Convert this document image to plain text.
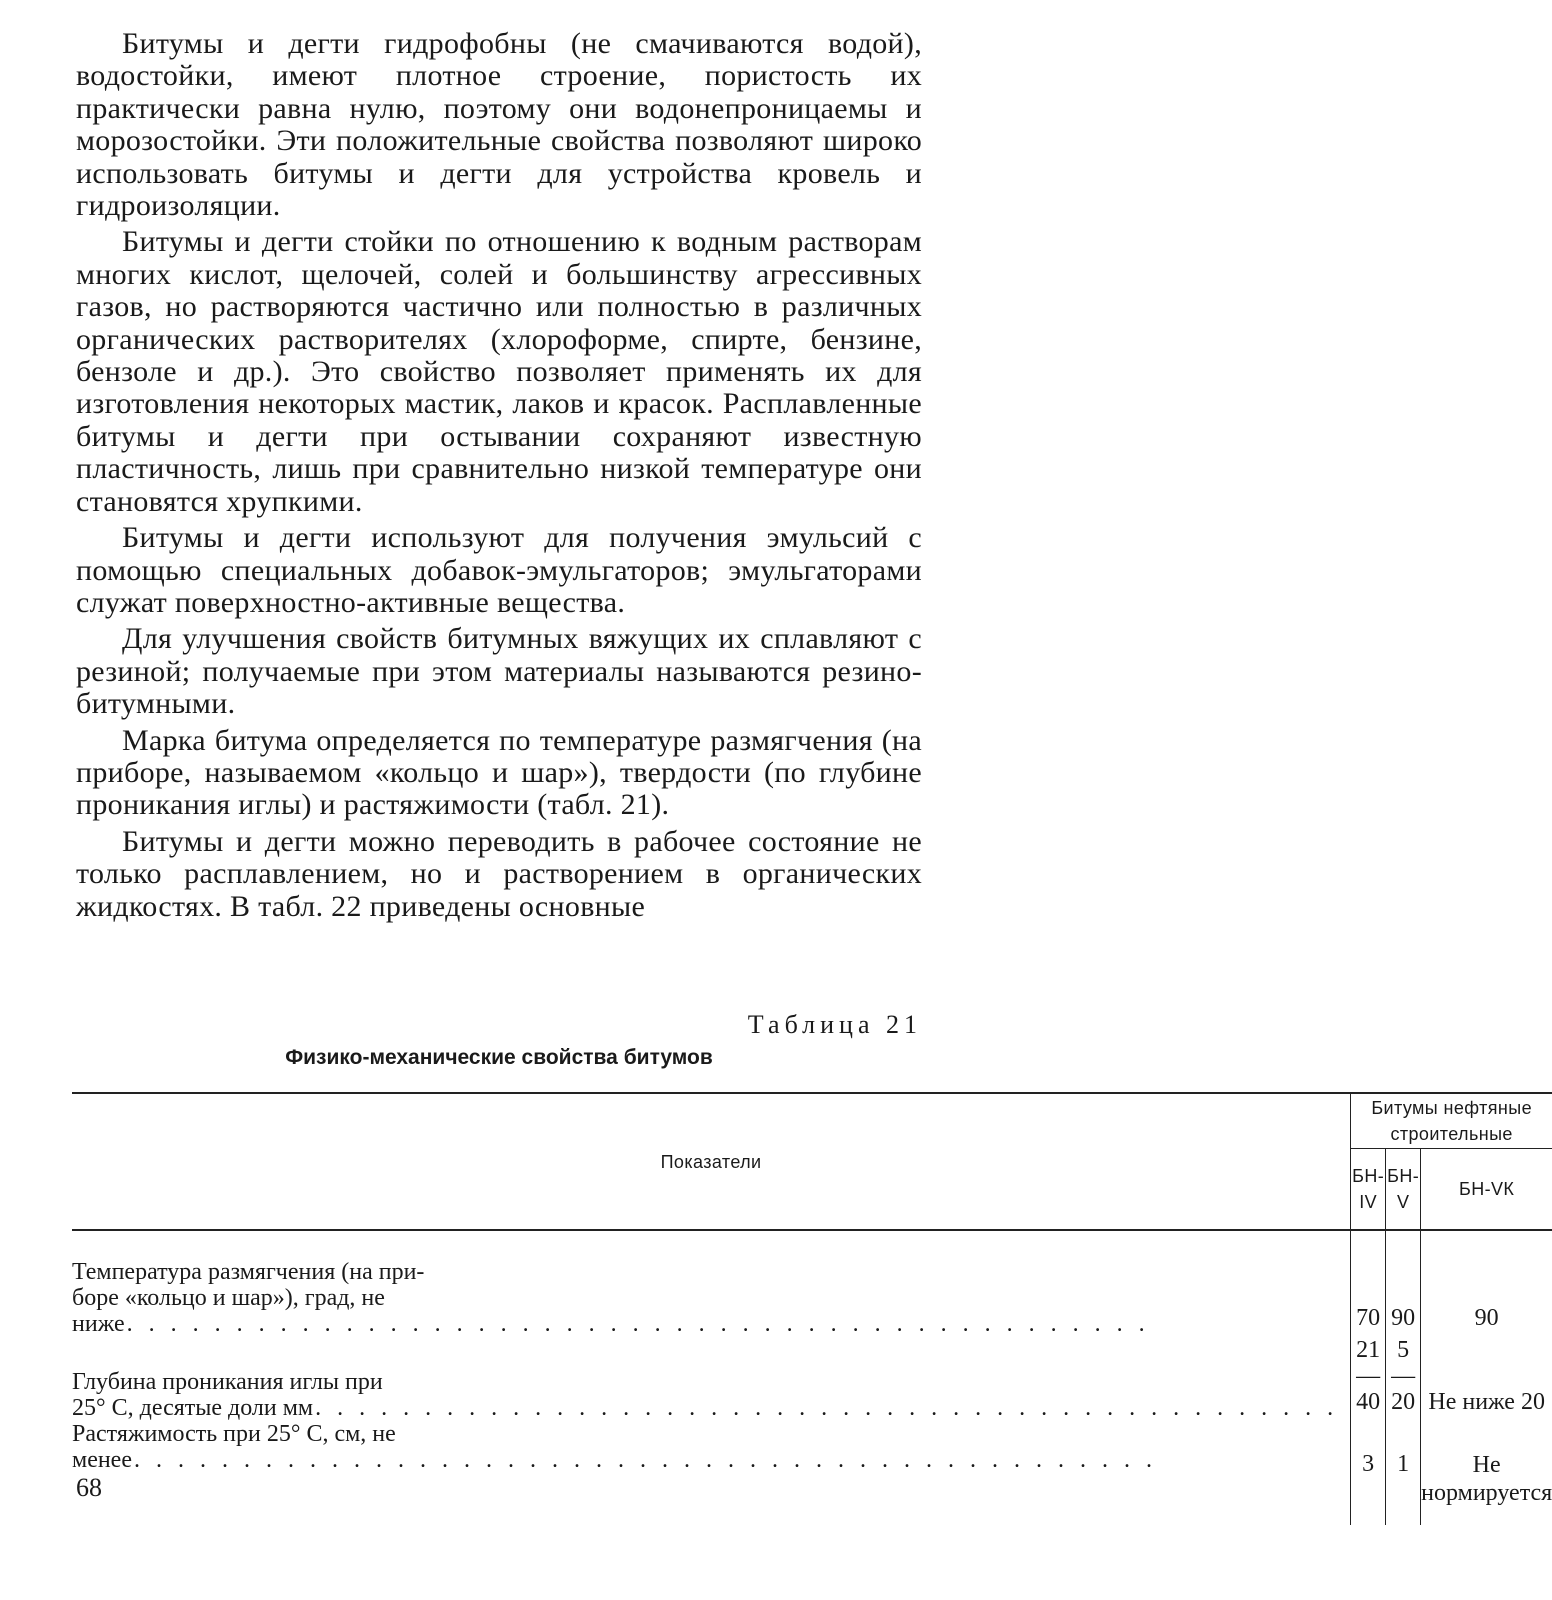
Битумы и дегти гидрофобны (не смачиваются водой), водостойки, имеют плотное строение, пористость их практически равна нулю, поэтому они водонепроницаемы и морозостойки. Эти положительные свойства позволяют широко использовать битумы и дегти для устройства кровель и гидроизоляции.

Битумы и дегти стойки по отношению к водным растворам многих кислот, щелочей, солей и большинству агрессивных газов, но растворяются частично или полностью в различных органических растворителях (хлороформе, спирте, бензине, бензоле и др.). Это свойство позволяет применять их для изготовления некоторых мастик, лаков и красок. Расплавленные битумы и дегти при остывании сохраняют известную пластичность, лишь при сравнительно низкой температуре они становятся хрупкими.

Битумы и дегти используют для получения эмульсий с помощью специальных добавок-эмульгаторов; эмульгаторами служат поверхностно-активные вещества.

Для улучшения свойств битумных вяжущих их сплавляют с резиной; получаемые при этом материалы называются резино-битумными.

Марка битума определяется по температуре размягчения (на приборе, называемом «кольцо и шар»), твердости (по глубине проникания иглы) и растяжимости (табл. 21).

Битумы и дегти можно переводить в рабочее состояние не только расплавлением, но и растворением в органических жидкостях. В табл. 22 приведены основные

Таблица 21
Физико-механические свойства битумов
Показатели	Битумы нефтяные строительные		
	БН-IV	БН-V	БН-VК

Температура размягчения (на при-
боре «кольцо и шар»), град, не
ниже
. . .	70	90	90

Глубина проникания иглы при
25° С, десятые доли мм
. . .	21—40	5—20	Не ниже 20

Растяжимость при 25° С, см, не
менее
. . .	3	1	Не нормируется

68
